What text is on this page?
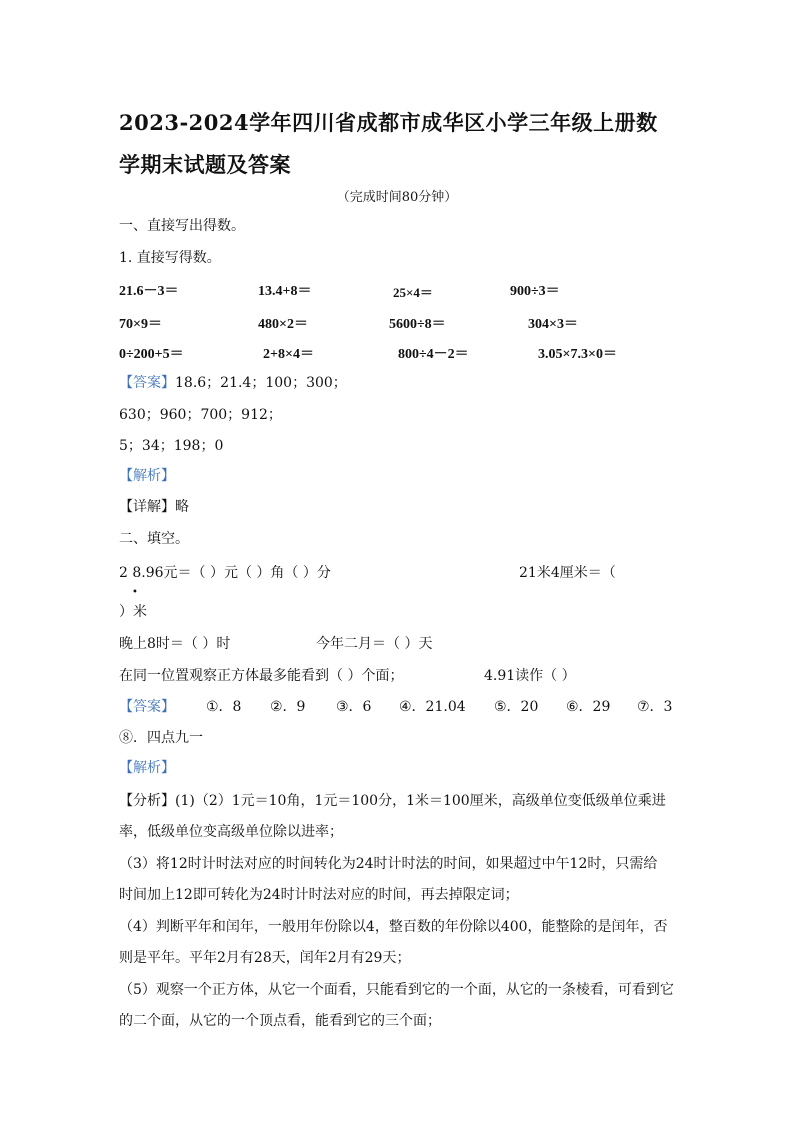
2023-2024学年四川省成都市成华区小学三年级上册数学期末试题及答案
（完成时间80分钟）
一、直接写出得数。
1. 直接写得数。
21.6－3＝	13.4+8＝	25×4＝	900÷3＝
70×9＝	480×2＝	5600÷8＝	304×3＝
0÷200+5＝	2+8×4＝	800÷4－2＝	3.05×7.3×0＝
【答案】18.6；21.4；100；300；
630；960；700；912；
5；34；198；0
【解析】
【详解】略
二、填空。
2 8.96元＝（ ）元（ ）角（ ）分	21米4厘米＝（
•
）米
晚上8时＝（ ）时	今年二月＝（ ）天
在同一位置观察正方体最多能看到（ ）个面；	4.91读作（ ）
【答案】 ①．8 ②．9 ③．6 ④．21.04 ⑤．20 ⑥．29 ⑦．3
⑧．四点九一
【解析】
【分析】(1)（2）1元＝10角，1元＝100分，1米＝100厘米，高级单位变低级单位乘进
率，低级单位变高级单位除以进率；
（3）将12时计时法对应的时间转化为24时计时法的时间，如果超过中午12时，只需给
时间加上12即可转化为24时计时法对应的时间，再去掉限定词；
（4）判断平年和闰年，一般用年份除以4，整百数的年份除以400，能整除的是闰年，否
则是平年。平年2月有28天，闰年2月有29天；
（5）观察一个正方体，从它一个面看，只能看到它的一个面，从它的一条棱看，可看到它
的二个面，从它的一个顶点看，能看到它的三个面；
